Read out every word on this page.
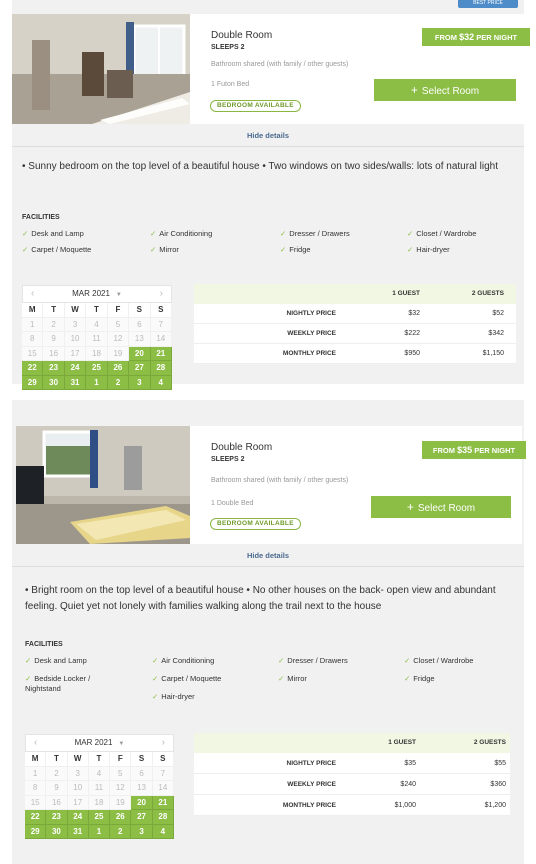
Double Room
SLEEPS 2
Bathroom shared (with family / other guests)
1 Futon Bed
BEDROOM AVAILABLE
FROM $32 PER NIGHT
+ Select Room
Hide details
• Sunny bedroom on the top level of a beautiful house • Two windows on two sides/walls: lots of natural light
FACILITIES
✓ Desk and Lamp	✓ Air Conditioning	✓ Dresser / Drawers	✓ Closet / Wardrobe
✓ Carpet / Moquette	✓ Mirror	✓ Fridge	✓ Hair-dryer
‹	MAR 2021 ▼	›
M	T	W	T	F	S	S
1	2	3	4	5	6	7
8	9	10	11	12	13	14
15	16	17	18	19	20	21
22	23	24	25	26	27	28
29	30	31	1	2	3	4
1 GUEST	2 GUESTS
NIGHTLY PRICE	$32	$52
WEEKLY PRICE	$222	$342
MONTHLY PRICE	$950	$1,150
BEST PRICE
Double Room
SLEEPS 2
Bathroom shared (with family / other guests)
1 Double Bed
BEDROOM AVAILABLE
FROM $35 PER NIGHT
+ Select Room
Hide details
• Bright room on the top level of a beautiful house • No other houses on the back- open view and abundant feeling. Quiet yet not lonely with families walking along the trail next to the house
FACILITIES
✓ Desk and Lamp	✓ Air Conditioning	✓ Dresser / Drawers	✓ Closet / Wardrobe
✓ Bedside Locker / Nightstand
✓ Carpet / Moquette	✓ Mirror	✓ Fridge
✓ Hair-dryer
‹	MAR 2021 ▼	›
M	T	W	T	F	S	S
1	2	3	4	5	6	7
8	9	10	11	12	13	14
15	16	17	18	19	20	21
22	23	24	25	26	27	28
29	30	31	1	2	3	4
1 GUEST	2 GUESTS
NIGHTLY PRICE	$35	$55
WEEKLY PRICE	$240	$360
MONTHLY PRICE	$1,000	$1,200
